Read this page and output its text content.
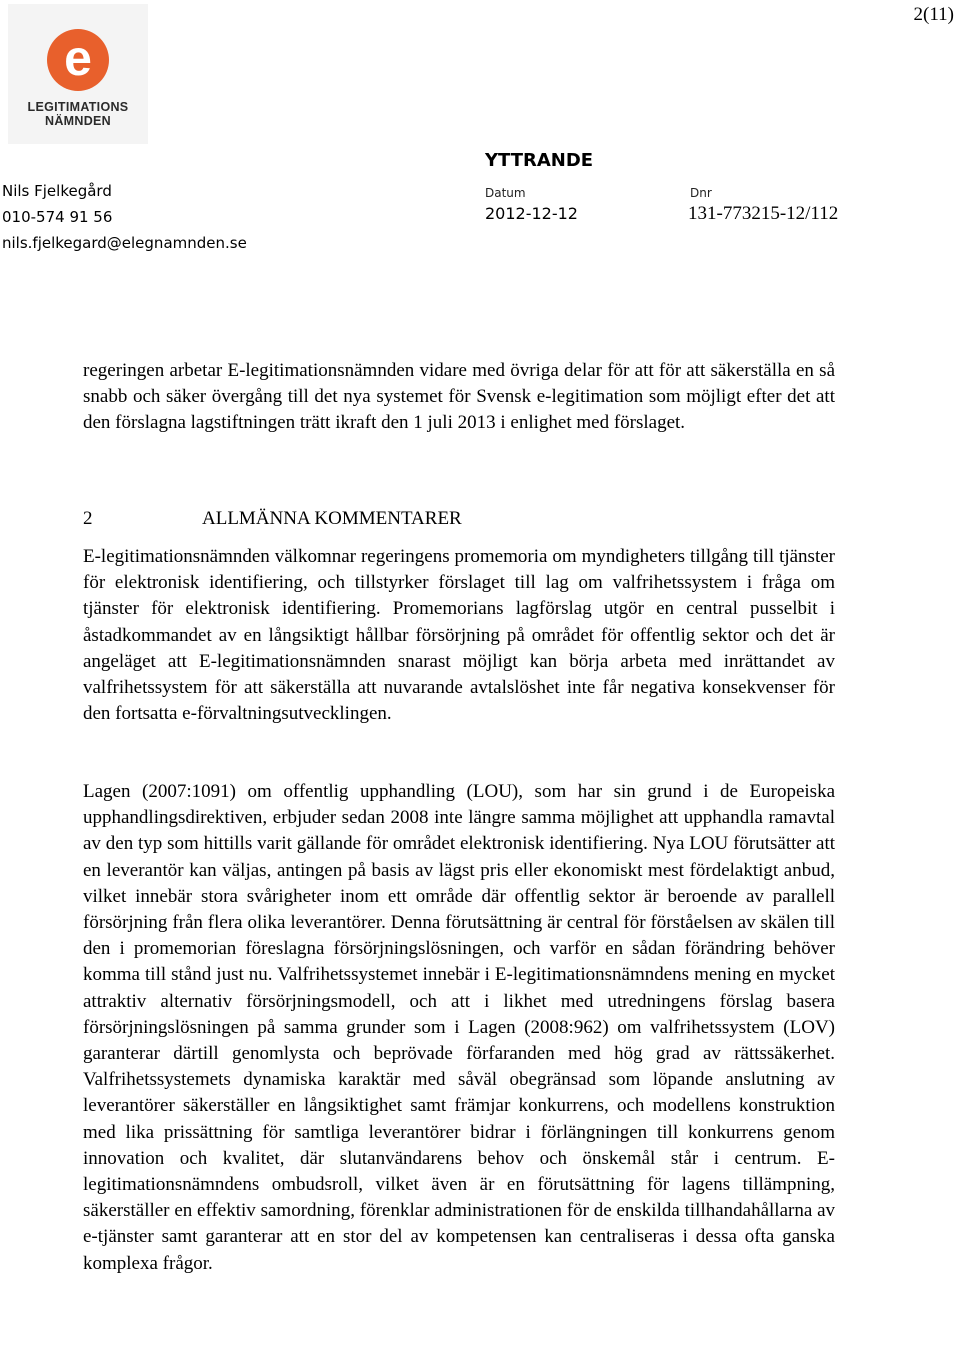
2(11)
e
LEGITIMATIONS
NÄMNDEN
Nils Fjelkegård
010-574 91 56
nils.fjelkegard@elegnamnden.se
YTTRANDE
Datum	Dnr
2012-12-12	131-773215-12/112

regeringen arbetar E-legitimationsnämnden vidare med övriga delar för att för att säkerställa en så snabb och säker övergång till det nya systemet för Svensk e-legitimation som möjligt efter det att den förslagna lagstiftningen trätt ikraft den 1 juli 2013 i enlighet med förslaget.

2	ALLMÄNNA KOMMENTARER

E-legitimationsnämnden välkomnar regeringens promemoria om myndigheters tillgång till tjänster för elektronisk identifiering, och tillstyrker förslaget till lag om valfrihetssystem i fråga om tjänster för elektronisk identifiering. Promemorians lagförslag utgör en central pusselbit i åstadkommandet av en långsiktigt hållbar försörjning på området för offentlig sektor och det är angeläget att E-legitimationsnämnden snarast möjligt kan börja arbeta med inrättandet av valfrihetssystem för att säkerställa att nuvarande avtalslöshet inte får negativa konsekvenser för den fortsatta e-förvaltningsutvecklingen.

Lagen (2007:1091) om offentlig upphandling (LOU), som har sin grund i de Europeiska upphandlingsdirektiven, erbjuder sedan 2008 inte längre samma möjlighet att upphandla ramavtal av den typ som hittills varit gällande för området elektronisk identifiering. Nya LOU förutsätter att en leverantör kan väljas, antingen på basis av lägst pris eller ekonomiskt mest fördelaktigt anbud, vilket innebär stora svårigheter inom ett område där offentlig sektor är beroende av parallell försörjning från flera olika leverantörer. Denna förutsättning är central för förståelsen av skälen till den i promemorian föreslagna försörjningslösningen, och varför en sådan förändring behöver komma till stånd just nu. Valfrihetssystemet innebär i E-legitimationsnämndens mening en mycket attraktiv alternativ försörjningsmodell, och att i likhet med utredningens förslag basera försörjningslösningen på samma grunder som i Lagen (2008:962) om valfrihetssystem (LOV) garanterar därtill genomlysta och beprövade förfaranden med hög grad av rättssäkerhet. Valfrihetssystemets dynamiska karaktär med såväl obegränsad som löpande anslutning av leverantörer säkerställer en långsiktighet samt främjar konkurrens, och modellens konstruktion med lika prissättning för samtliga leverantörer bidrar i förlängningen till konkurrens genom innovation och kvalitet, där slutanvändarens behov och önskemål står i centrum. E-legitimationsnämndens ombudsroll, vilket även är en förutsättning för lagens tillämpning, säkerställer en effektiv samordning, förenklar administrationen för de enskilda tillhandahållarna av e-tjänster samt garanterar att en stor del av kompetensen kan centraliseras i dessa ofta ganska komplexa frågor.
